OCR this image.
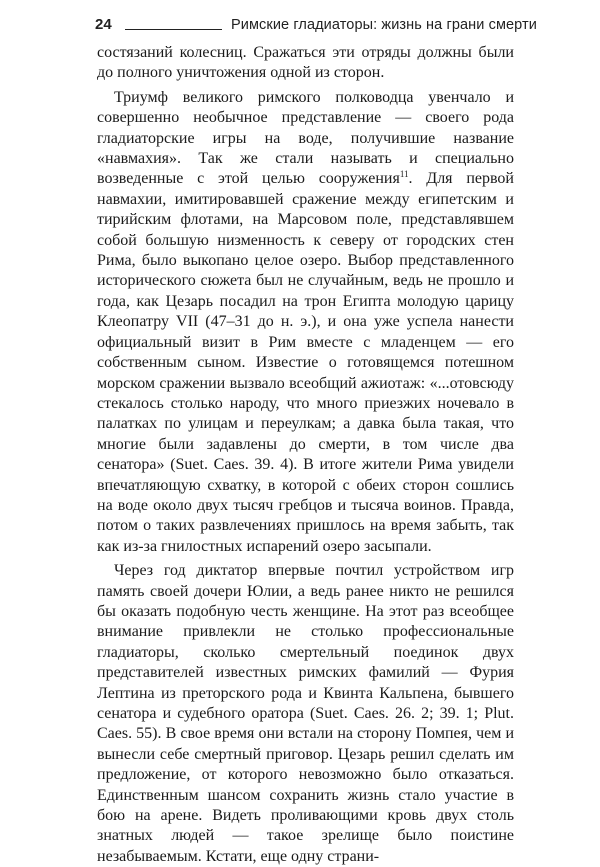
24	Римские гладиаторы: жизнь на грани смерти

состязаний колесниц. Сражаться эти отряды должны были до полного уничтожения одной из сторон.

Триумф великого римского полководца увенчало и совершенно необычное представление — своего рода гладиаторские игры на воде, получившие название «навмахия». Так же стали называть и специально возведенные с этой целью сооружения$^{11}$. Для первой навмахии, имитировавшей сражение между египетским и тирийским флотами, на Марсовом поле, представлявшем собой большую низменность к северу от городских стен Рима, было выкопано целое озеро. Выбор представленного исторического сюжета был не случайным, ведь не прошло и года, как Цезарь посадил на трон Египта молодую царицу Клеопатру VII (47–31 до н. э.), и она уже успела нанести официальный визит в Рим вместе с младенцем — его собственным сыном. Известие о готовящемся потешном морском сражении вызвало всеобщий ажиотаж: «...отовсюду стекалось столько народу, что много приезжих ночевало в палатках по улицам и переулкам; а давка была такая, что многие были задавлены до смерти, в том числе два сенатора» (Suet. Caes. 39. 4). В итоге жители Рима увидели впечатляющую схватку, в которой с обеих сторон сошлись на воде около двух тысяч гребцов и тысяча воинов. Правда, потом о таких развлечениях пришлось на время забыть, так как из-за гнилостных испарений озеро засыпали.

Через год диктатор впервые почтил устройством игр память своей дочери Юлии, а ведь ранее никто не решился бы оказать подобную честь женщине. На этот раз всеобщее внимание привлекли не столько профессиональные гладиаторы, сколько смертельный поединок двух представителей известных римских фамилий — Фурия Лептина из преторского рода и Квинта Кальпена, бывшего сенатора и судебного оратора (Suet. Caes. 26. 2; 39. 1; Plut. Caes. 55). В свое время они встали на сторону Помпея, чем и вынесли себе смертный приговор. Цезарь решил сделать им предложение, от которого невозможно было отказаться. Единственным шансом сохранить жизнь стало участие в бою на арене. Видеть проливающими кровь двух столь знатных людей — такое зрелище было поистине незабываемым. Кстати, еще одну страни-
